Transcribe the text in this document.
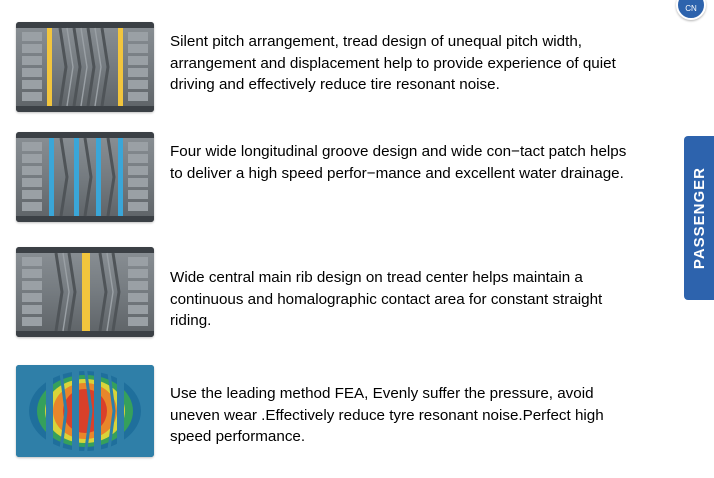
CN
PASSENGER

Silent pitch arrangement, tread design of unequal pitch width, arrangement and displacement help to provide experience of quiet driving and effectively reduce tire resonant noise.

Four wide longitudinal groove design and wide con−tact patch helps to deliver a high speed perfor−mance and excellent water drainage.

Wide central main rib design on tread center helps maintain a continuous and homalographic contact area for constant straight riding.

Use the leading method FEA, Evenly suffer the pressure, avoid uneven wear .Effectively reduce tyre resonant noise.Perfect high speed performance.
